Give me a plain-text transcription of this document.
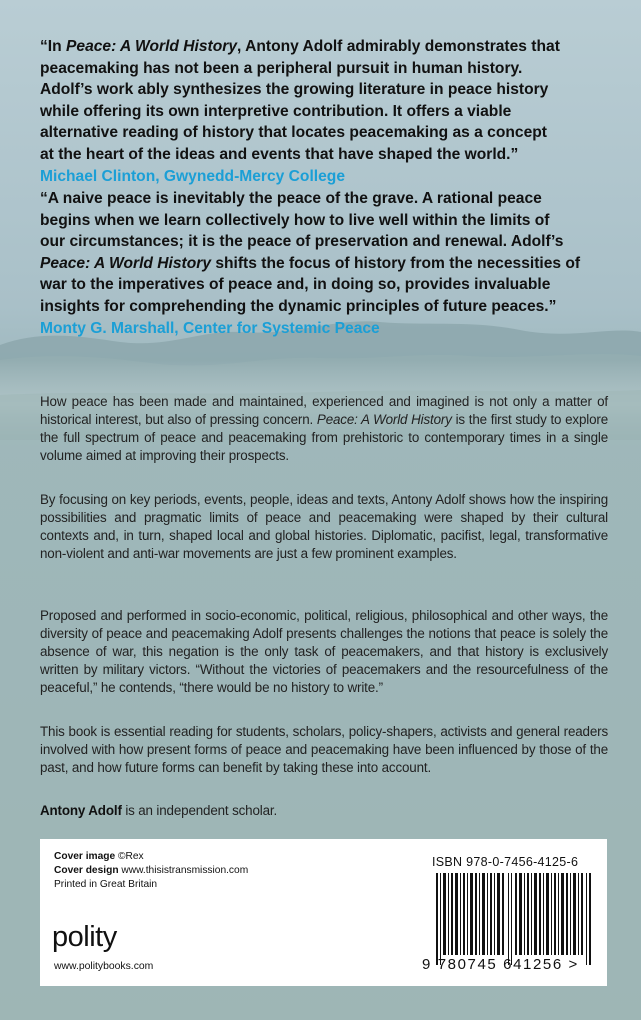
“In Peace: A World History, Antony Adolf admirably demonstrates that
peacemaking has not been a peripheral pursuit in human history.
Adolf’s work ably synthesizes the growing literature in peace history
while offering its own interpretive contribution. It offers a viable
alternative reading of history that locates peacemaking as a concept
at the heart of the ideas and events that have shaped the world.”
Michael Clinton, Gwynedd-Mercy College
“A naive peace is inevitably the peace of the grave. A rational peace
begins when we learn collectively how to live well within the limits of
our circumstances; it is the peace of preservation and renewal. Adolf’s
Peace: A World History shifts the focus of history from the necessities of
war to the imperatives of peace and, in doing so, provides invaluable
insights for comprehending the dynamic principles of future peaces.”
Monty G. Marshall, Center for Systemic Peace

How peace has been made and maintained, experienced and imagined is not only a matter of historical interest, but also of pressing concern. Peace: A World History is the first study to explore the full spectrum of peace and peacemaking from prehistoric to contemporary times in a single volume aimed at improving their prospects.

By focusing on key periods, events, people, ideas and texts, Antony Adolf shows how the inspiring possibilities and pragmatic limits of peace and peacemaking were shaped by their cultural contexts and, in turn, shaped local and global histories. Diplomatic, pacifist, legal, transformative non-violent and anti-war movements are just a few prominent examples.

Proposed and performed in socio-economic, political, religious, philosophical and other ways, the diversity of peace and peacemaking Adolf presents challenges the notions that peace is solely the absence of war, this negation is the only task of peacemakers, and that history is exclusively written by military victors. “Without the victories of peacemakers and the resourcefulness of the peaceful,” he contends, “there would be no history to write.”

This book is essential reading for students, scholars, policy-shapers, activists and general readers involved with how present forms of peace and peacemaking have been influenced by those of the past, and how future forms can benefit by taking these into account.

Antony Adolf is an independent scholar.

Cover image ©Rex
Cover design www.thisistransmission.com
Printed in Great Britain
polity
www.politybooks.com
ISBN 978-0-7456-4125-6
9 780745 641256 >
